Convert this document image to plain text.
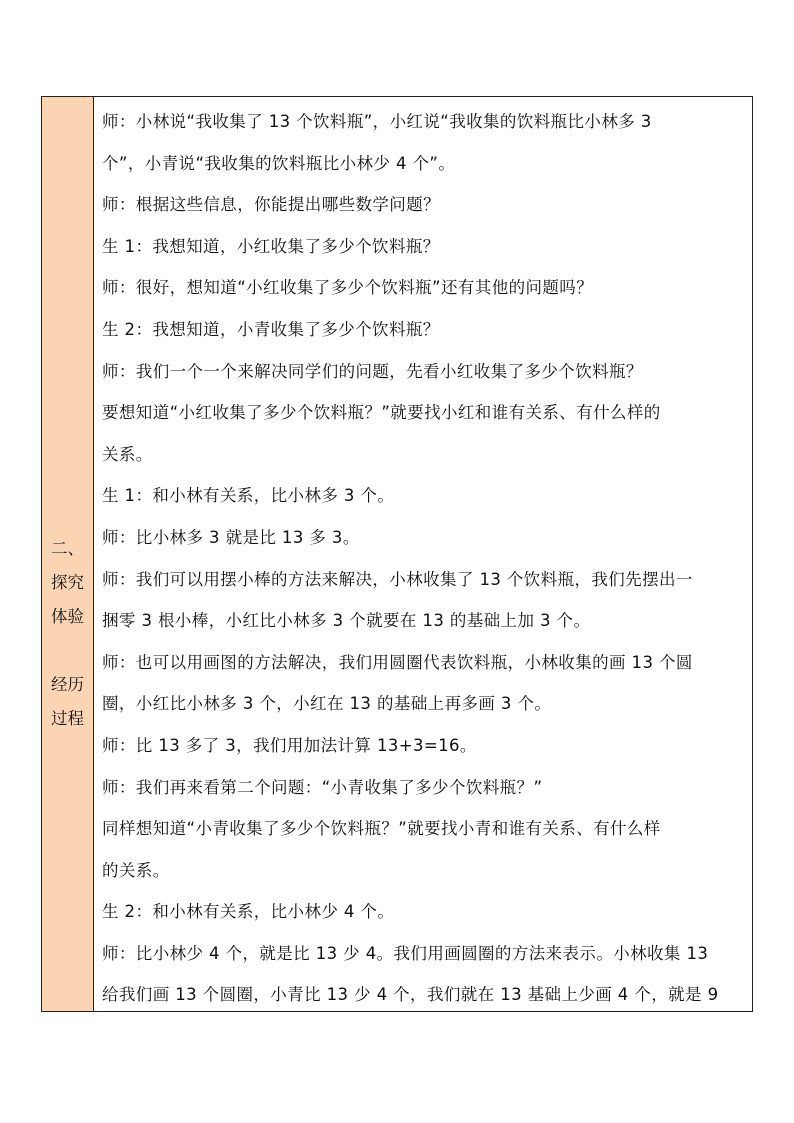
二、
探究
体验
经历
过程
师：小林说“我收集了 13 个饮料瓶”，小红说“我收集的饮料瓶比小林多 3
个”，小青说“我收集的饮料瓶比小林少 4 个”。
师：根据这些信息，你能提出哪些数学问题？
生 1：我想知道，小红收集了多少个饮料瓶？
师：很好，想知道“小红收集了多少个饮料瓶”还有其他的问题吗？
生 2：我想知道，小青收集了多少个饮料瓶？
师：我们一个一个来解决同学们的问题，先看小红收集了多少个饮料瓶？
要想知道“小红收集了多少个饮料瓶？”就要找小红和谁有关系、有什么样的
关系。
生 1：和小林有关系，比小林多 3 个。
师：比小林多 3 就是比 13 多 3。
师：我们可以用摆小棒的方法来解决，小林收集了 13 个饮料瓶，我们先摆出一
捆零 3 根小棒，小红比小林多 3 个就要在 13 的基础上加 3 个。
师：也可以用画图的方法解决，我们用圆圈代表饮料瓶，小林收集的画 13 个圆
圈，小红比小林多 3 个，小红在 13 的基础上再多画 3 个。
师：比 13 多了 3，我们用加法计算 13+3=16。
师：我们再来看第二个问题：“小青收集了多少个饮料瓶？”
同样想知道“小青收集了多少个饮料瓶？”就要找小青和谁有关系、有什么样
的关系。
生 2：和小林有关系，比小林少 4 个。
师：比小林少 4 个，就是比 13 少 4。我们用画圆圈的方法来表示。小林收集 13
给我们画 13 个圆圈，小青比 13 少 4 个，我们就在 13 基础上少画 4 个，就是 9
